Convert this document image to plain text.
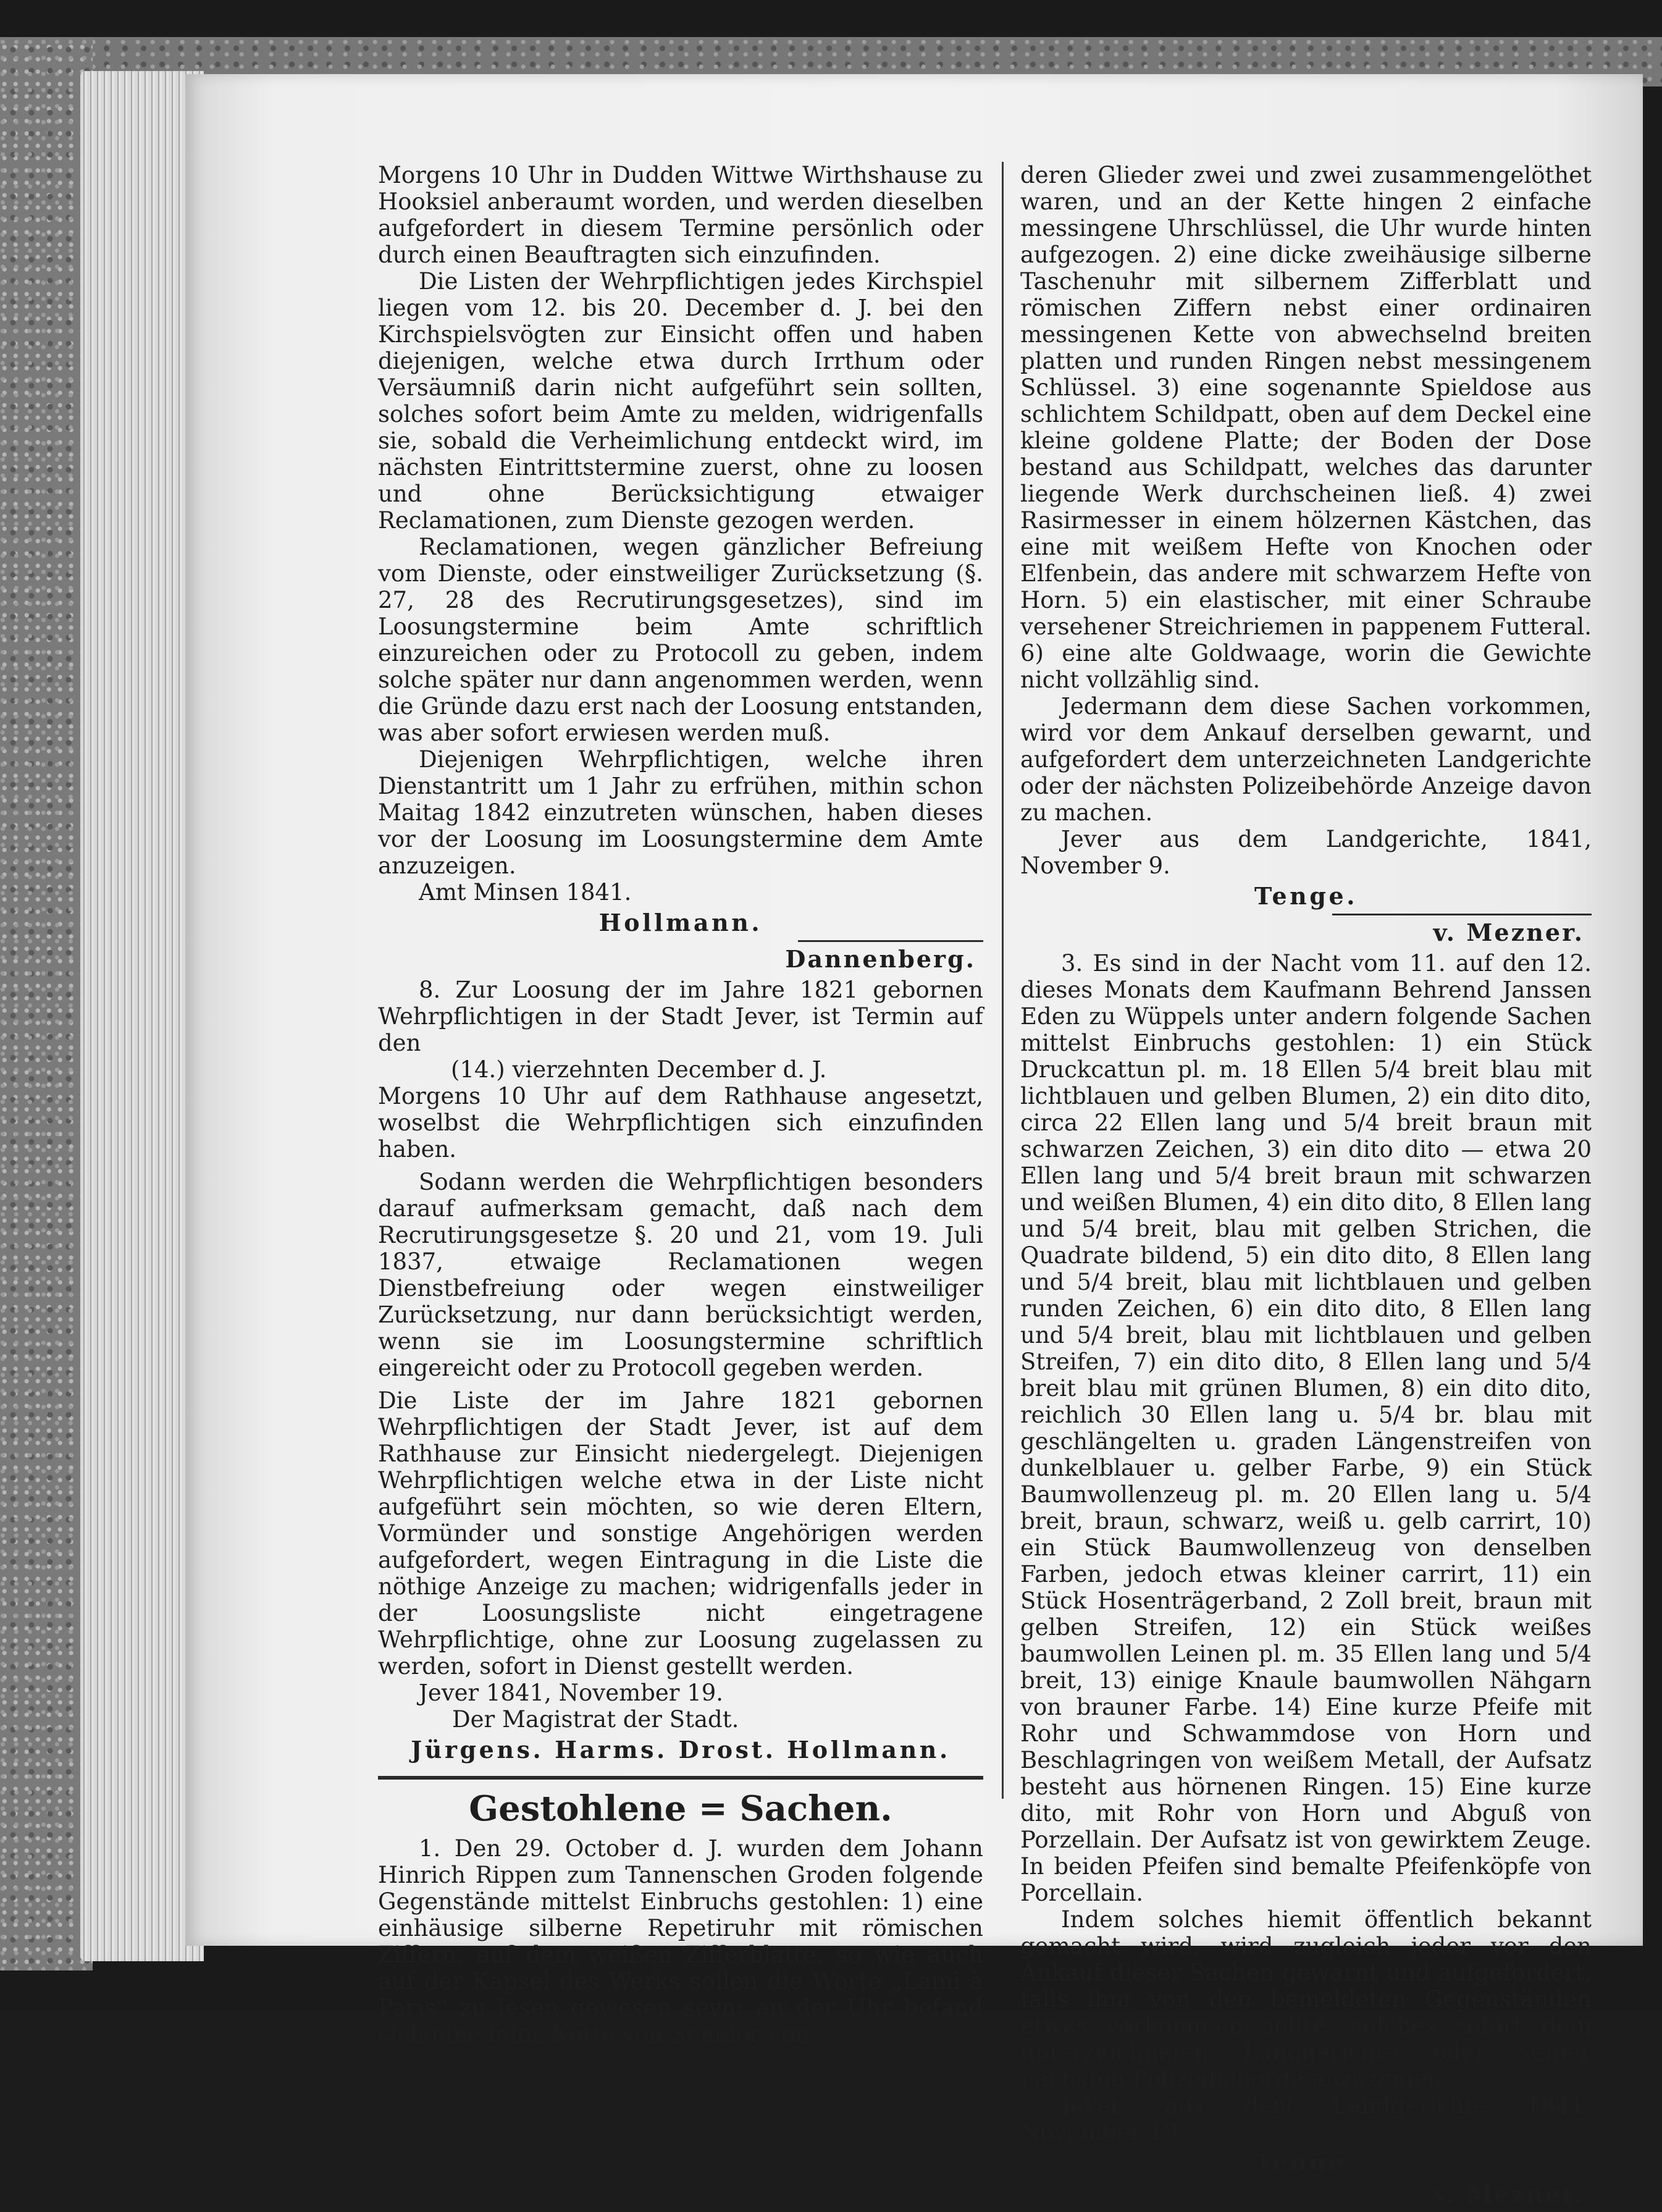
Morgens 10 Uhr in Dudden Wittwe Wirthshause zu Hooksiel anberaumt worden, und werden dieselben aufgefordert in diesem Termine persönlich oder durch einen Beauftragten sich einzufinden.

Die Listen der Wehrpflichtigen jedes Kirchspiel liegen vom 12. bis 20. December d. J. bei den Kirchspielsvögten zur Einsicht offen und haben diejenigen, welche etwa durch Irrthum oder Versäumniß darin nicht aufgeführt sein sollten, solches sofort beim Amte zu melden, widrigenfalls sie, sobald die Verheimlichung entdeckt wird, im nächsten Eintrittstermine zuerst, ohne zu loosen und ohne Berücksichtigung etwaiger Reclamationen, zum Dienste gezogen werden.

Reclamationen, wegen gänzlicher Befreiung vom Dienste, oder einstweiliger Zurücksetzung (§. 27, 28 des Recrutirungsgesetzes), sind im Loosungstermine beim Amte schriftlich einzureichen oder zu Protocoll zu geben, indem solche später nur dann angenommen werden, wenn die Gründe dazu erst nach der Loosung entstanden, was aber sofort erwiesen werden muß.

Diejenigen Wehrpflichtigen, welche ihren Dienstantritt um 1 Jahr zu erfrühen, mithin schon Maitag 1842 einzutreten wünschen, haben dieses vor der Loosung im Loosungstermine dem Amte anzuzeigen.

Amt Minsen 1841.

Hollmann.
Dannenberg.

8. Zur Loosung der im Jahre 1821 gebornen Wehrpflichtigen in der Stadt Jever, ist Termin auf den

(14.) vierzehnten December d. J.

Morgens 10 Uhr auf dem Rathhause angesetzt, woselbst die Wehrpflichtigen sich einzufinden haben.

Sodann werden die Wehrpflichtigen besonders darauf aufmerksam gemacht, daß nach dem Recrutirungsgesetze §. 20 und 21, vom 19. Juli 1837, etwaige Reclamationen wegen Dienstbefreiung oder wegen einstweiliger Zurücksetzung, nur dann berücksichtigt werden, wenn sie im Loosungstermine schriftlich eingereicht oder zu Protocoll gegeben werden.

Die Liste der im Jahre 1821 gebornen Wehrpflichtigen der Stadt Jever, ist auf dem Rathhause zur Einsicht niedergelegt. Diejenigen Wehrpflichtigen welche etwa in der Liste nicht aufgeführt sein möchten, so wie deren Eltern, Vormünder und sonstige Angehörigen werden aufgefordert, wegen Eintragung in die Liste die nöthige Anzeige zu machen; widrigenfalls jeder in der Loosungsliste nicht eingetragene Wehrpflichtige, ohne zur Loosung zugelassen zu werden, sofort in Dienst gestellt werden.

Jever 1841, November 19.

Der Magistrat der Stadt.

Jürgens. Harms. Drost. Hollmann.
Gestohlene = Sachen.

1. Den 29. October d. J. wurden dem Johann Hinrich Rippen zum Tannenschen Groden folgende Gegenstände mittelst Einbruchs gestohlen: 1) eine einhäusige silberne Repetiruhr mit römischen Ziffern, auf dem weißen Zifferblatte, so wie auch auf der Kapsel des Werks sollen die Worte „Lami à Paris“ zu lesen gewesen seyn; an der Uhr befand sich eine feine Kette von Semilor von

deren Glieder zwei und zwei zusammengelöthet waren, und an der Kette hingen 2 einfache messingene Uhrschlüssel, die Uhr wurde hinten aufgezogen. 2) eine dicke zweihäusige silberne Taschenuhr mit silbernem Zifferblatt und römischen Ziffern nebst einer ordinairen messingenen Kette von abwechselnd breiten platten und runden Ringen nebst messingenem Schlüssel. 3) eine sogenannte Spieldose aus schlichtem Schildpatt, oben auf dem Deckel eine kleine goldene Platte; der Boden der Dose bestand aus Schildpatt, welches das darunter liegende Werk durchscheinen ließ. 4) zwei Rasirmesser in einem hölzernen Kästchen, das eine mit weißem Hefte von Knochen oder Elfenbein, das andere mit schwarzem Hefte von Horn. 5) ein elastischer, mit einer Schraube versehener Streichriemen in pappenem Futteral. 6) eine alte Goldwaage, worin die Gewichte nicht vollzählig sind.

Jedermann dem diese Sachen vorkommen, wird vor dem Ankauf derselben gewarnt, und aufgefordert dem unterzeichneten Landgerichte oder der nächsten Polizeibehörde Anzeige davon zu machen.

Jever aus dem Landgerichte, 1841, November 9.

Tenge.
v. Mezner.

3. Es sind in der Nacht vom 11. auf den 12. dieses Monats dem Kaufmann Behrend Janssen Eden zu Wüppels unter andern folgende Sachen mittelst Einbruchs gestohlen: 1) ein Stück Druckcattun pl. m. 18 Ellen 5/4 breit blau mit lichtblauen und gelben Blumen, 2) ein dito dito, circa 22 Ellen lang und 5/4 breit braun mit schwarzen Zeichen, 3) ein dito dito — etwa 20 Ellen lang und 5/4 breit braun mit schwarzen und weißen Blumen, 4) ein dito dito, 8 Ellen lang und 5/4 breit, blau mit gelben Strichen, die Quadrate bildend, 5) ein dito dito, 8 Ellen lang und 5/4 breit, blau mit lichtblauen und gelben runden Zeichen, 6) ein dito dito, 8 Ellen lang und 5/4 breit, blau mit lichtblauen und gelben Streifen, 7) ein dito dito, 8 Ellen lang und 5/4 breit blau mit grünen Blumen, 8) ein dito dito, reichlich 30 Ellen lang u. 5/4 br. blau mit geschlängelten u. graden Längenstreifen von dunkelblauer u. gelber Farbe, 9) ein Stück Baumwollenzeug pl. m. 20 Ellen lang u. 5/4 breit, braun, schwarz, weiß u. gelb carrirt, 10) ein Stück Baumwollenzeug von denselben Farben, jedoch etwas kleiner carrirt, 11) ein Stück Hosenträgerband, 2 Zoll breit, braun mit gelben Streifen, 12) ein Stück weißes baumwollen Leinen pl. m. 35 Ellen lang und 5/4 breit, 13) einige Knaule baumwollen Nähgarn von brauner Farbe. 14) Eine kurze Pfeife mit Rohr und Schwammdose von Horn und Beschlagringen von weißem Metall, der Aufsatz besteht aus hörnenen Ringen. 15) Eine kurze dito, mit Rohr von Horn und Abguß von Porzellain. Der Aufsatz ist von gewirktem Zeuge. In beiden Pfeifen sind bemalte Pfeifenköpfe von Porcellain.

Indem solches hiemit öffentlich bekannt gemacht wird, wird zugleich jeder vor den Ankauf dieser Sachen gewarnt und aufgefordert, falls ihm von den bemeldeten Gegenständen etwas vorkommen sollte, solches sofort dem unterzeichneten Landgerichte oder seiner nächsten Polizeibehörde anzuzeigen.

Jever, aus dem Landgerichte 1841, November 19.

Tenge.
v. Mezner.
